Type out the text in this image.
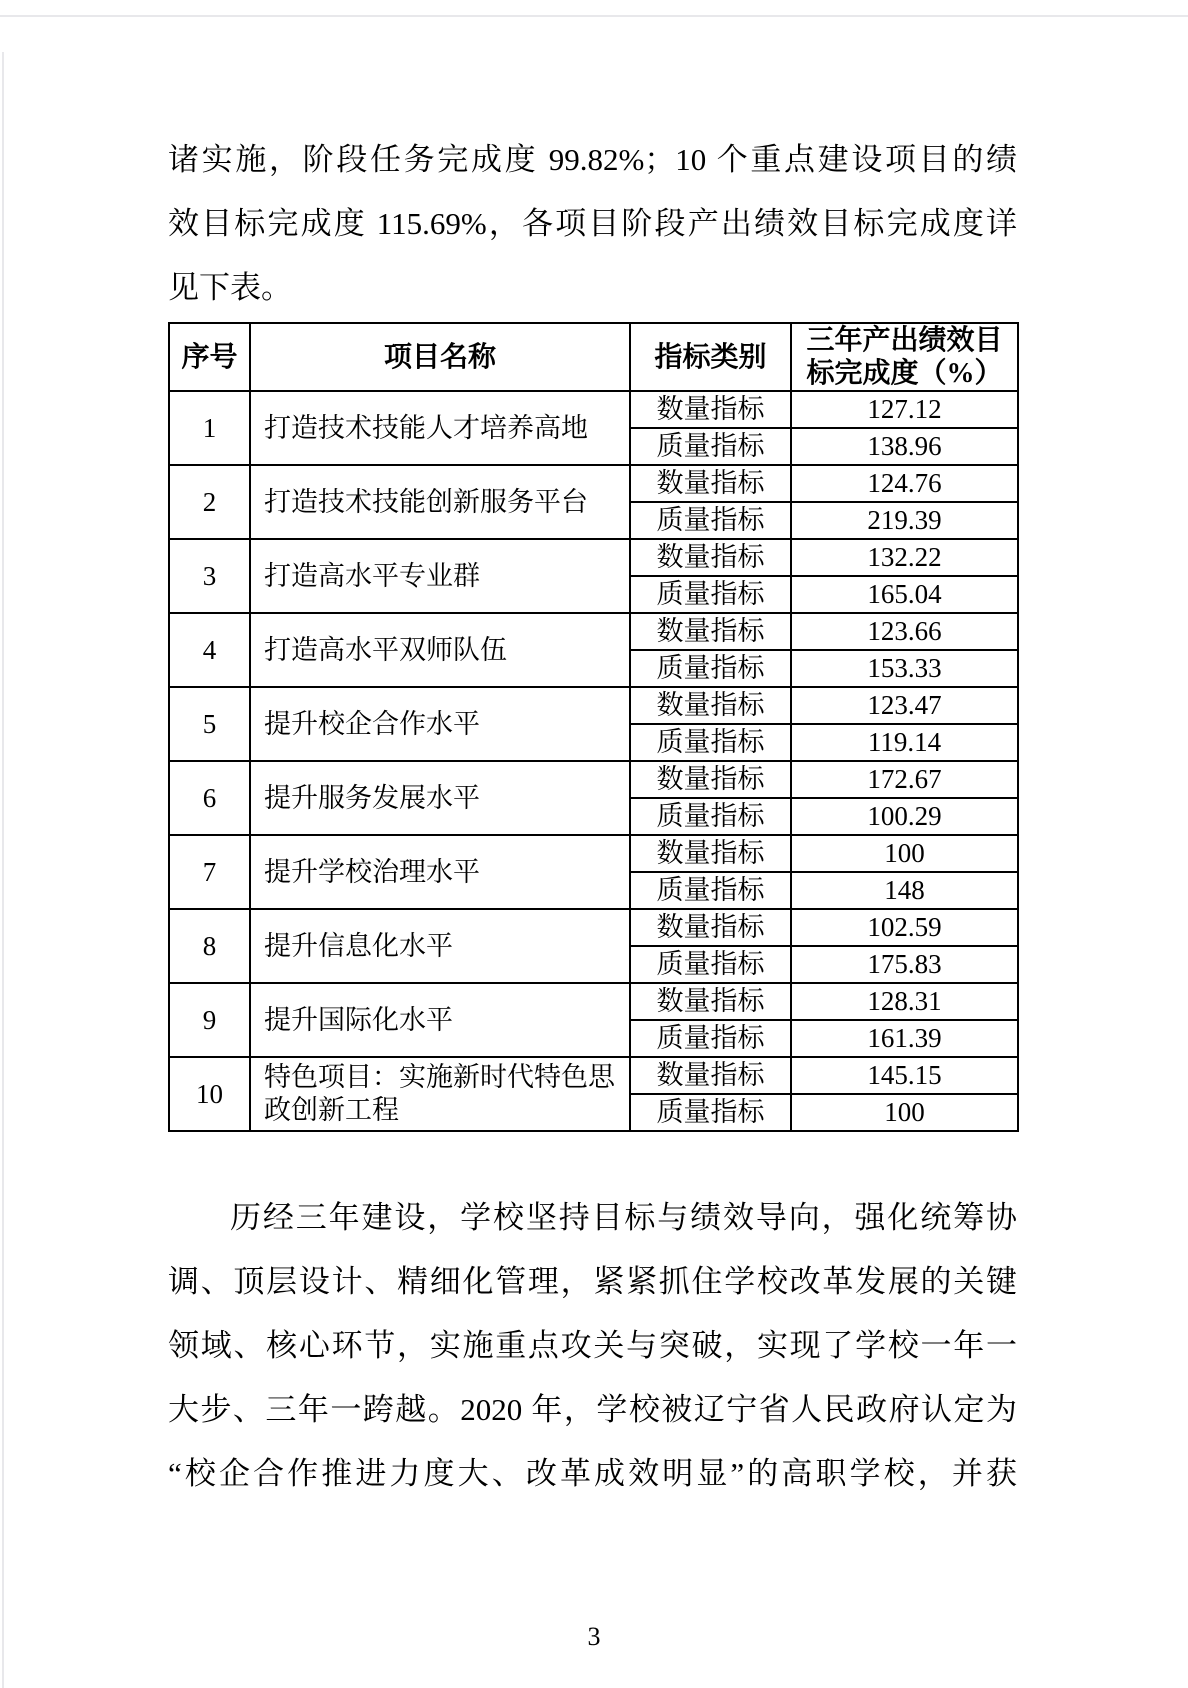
诸实施，阶段任务完成度 99.82%；10 个重点建设项目的绩
效目标完成度 115.69%，各项目阶段产出绩效目标完成度详
见下表。
序号	项目名称	指标类别	三年产出绩效目标完成度（%）
1	打造技术技能人才培养高地	数量指标	127.12
		质量指标	138.96
2	打造技术技能创新服务平台	数量指标	124.76
		质量指标	219.39
3	打造高水平专业群	数量指标	132.22
		质量指标	165.04
4	打造高水平双师队伍	数量指标	123.66
		质量指标	153.33
5	提升校企合作水平	数量指标	123.47
		质量指标	119.14
6	提升服务发展水平	数量指标	172.67
		质量指标	100.29
7	提升学校治理水平	数量指标	100
		质量指标	148
8	提升信息化水平	数量指标	102.59
		质量指标	175.83
9	提升国际化水平	数量指标	128.31
		质量指标	161.39
10	特色项目：实施新时代特色思政创新工程	数量指标	145.15
		质量指标	100
历经三年建设，学校坚持目标与绩效导向，强化统筹协
调、顶层设计、精细化管理，紧紧抓住学校改革发展的关键
领域、核心环节，实施重点攻关与突破，实现了学校一年一
大步、三年一跨越。2020 年，学校被辽宁省人民政府认定为
“校企合作推进力度大、改革成效明显”的高职学校，并获
3
